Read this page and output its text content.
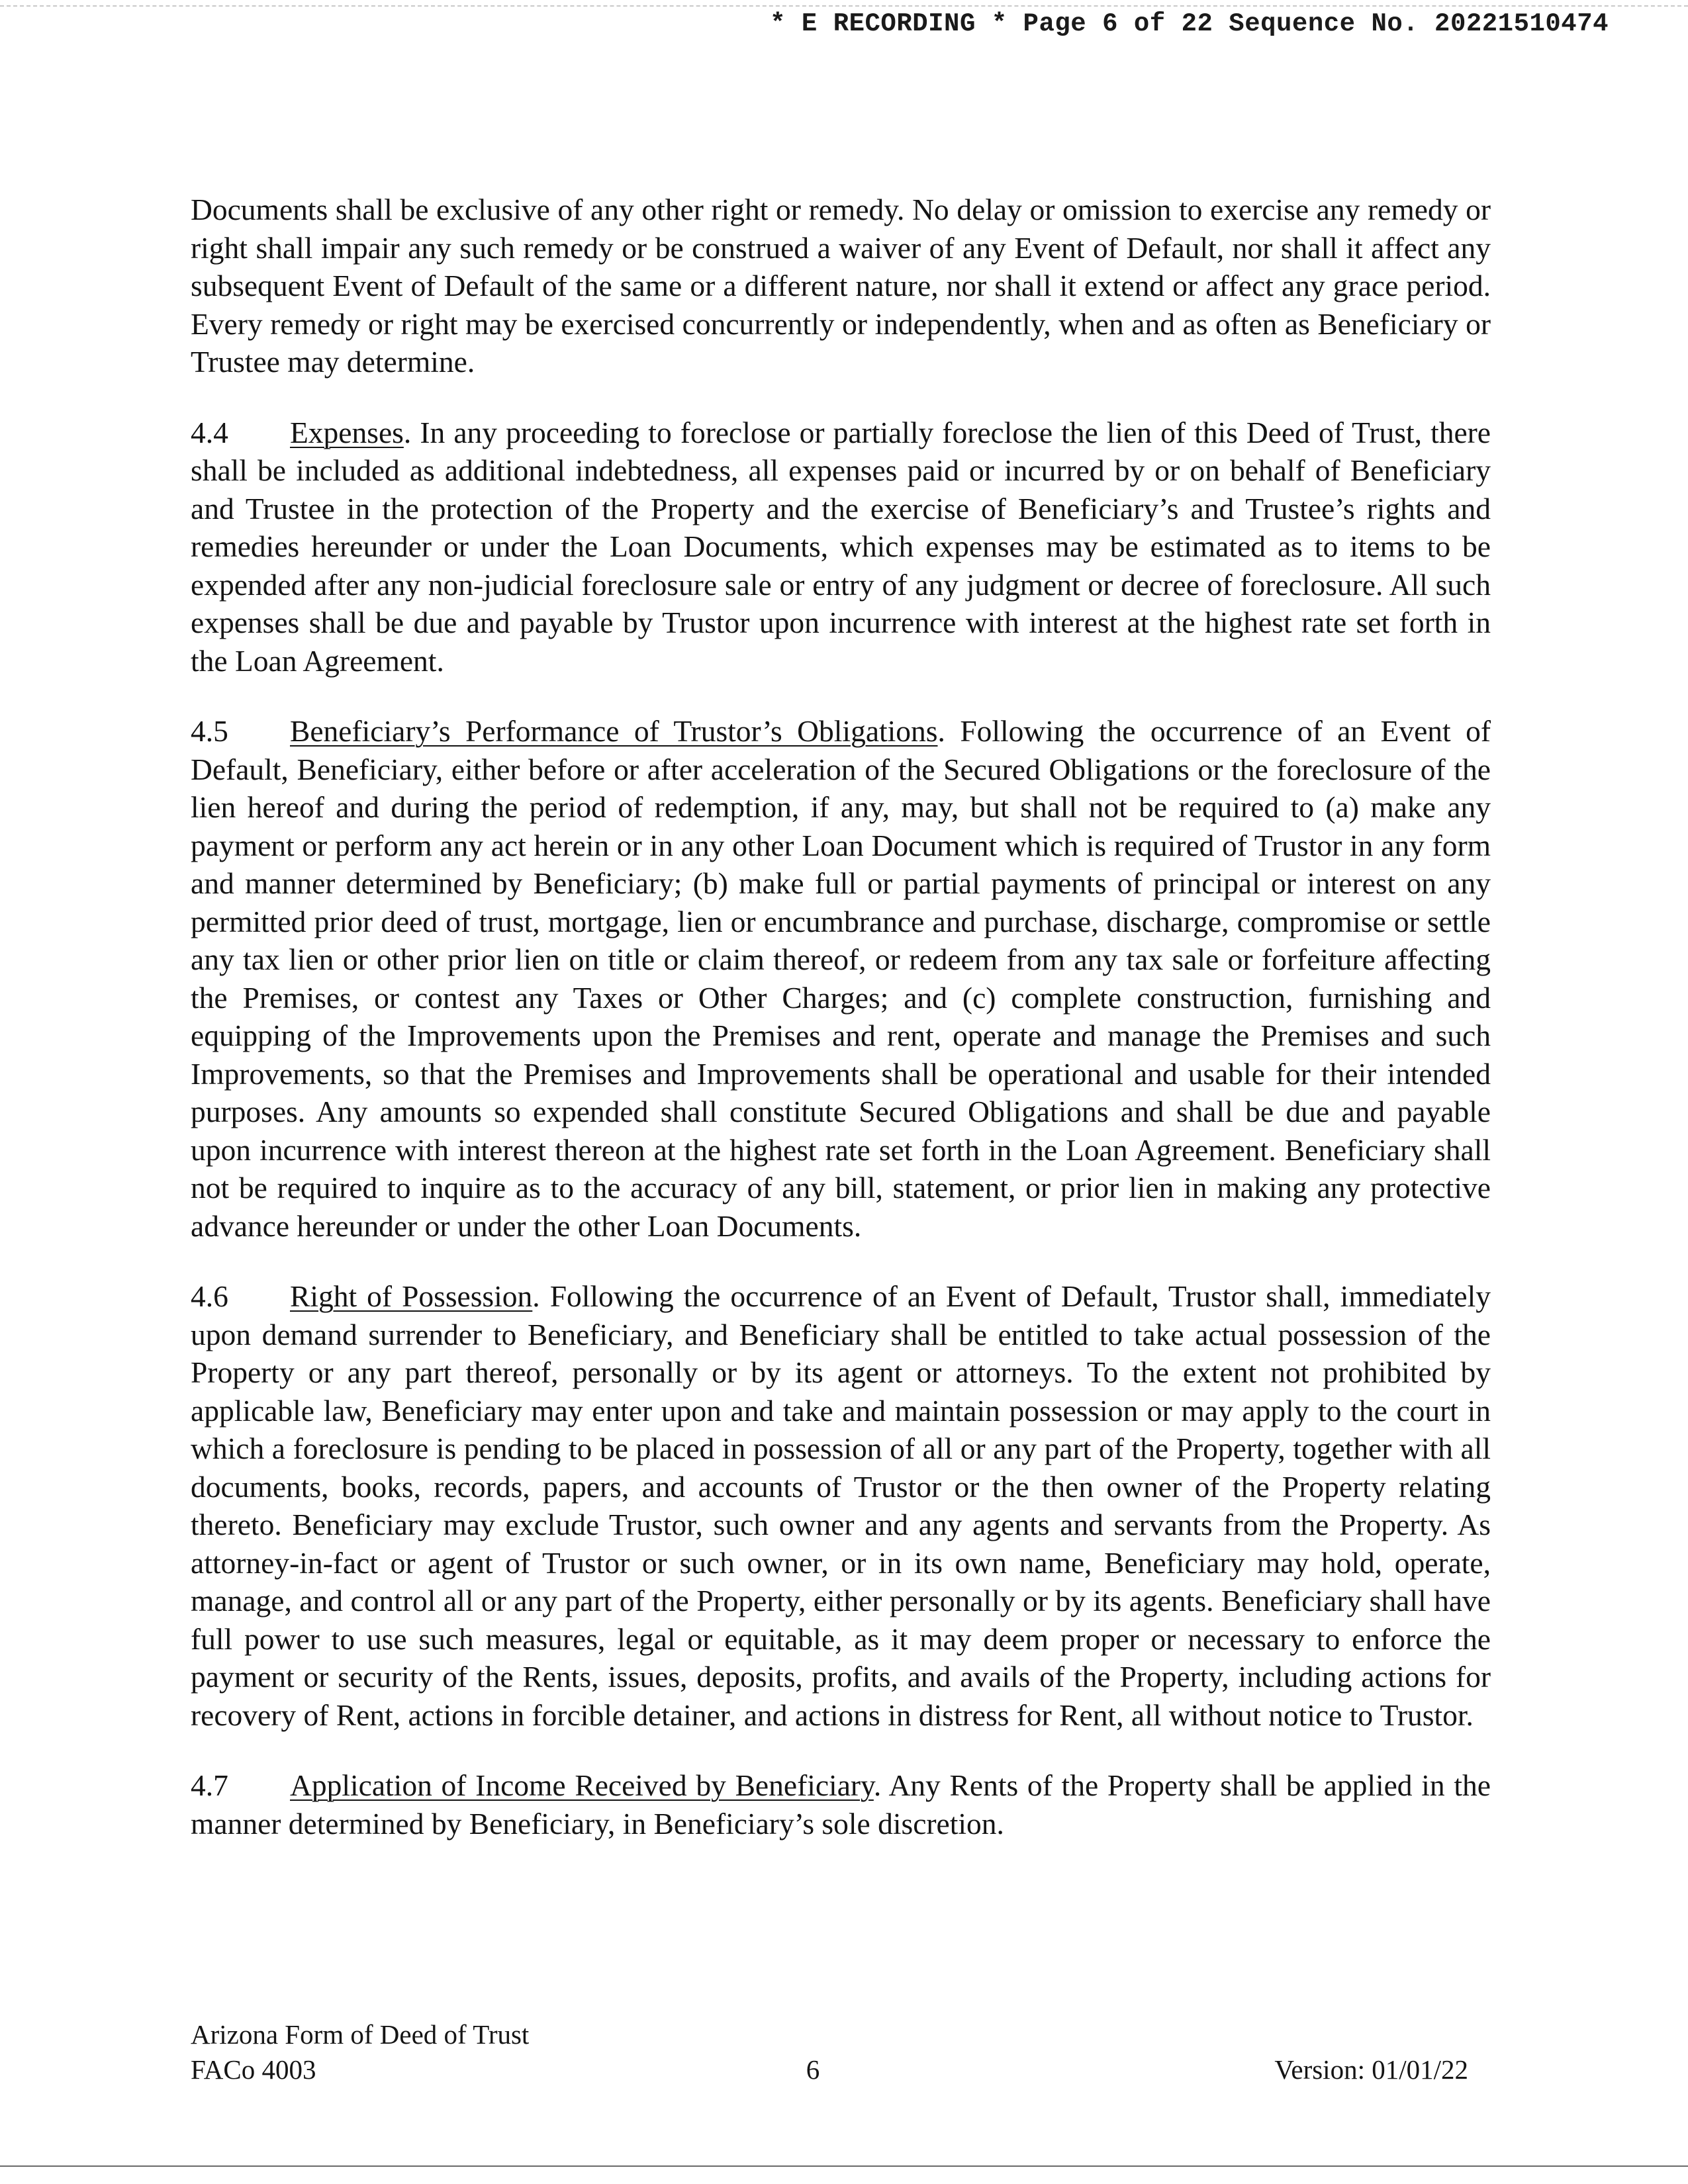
* E RECORDING * Page 6 of 22 Sequence No. 20221510474

Documents shall be exclusive of any other right or remedy. No delay or omission to exercise any remedy or right shall impair any such remedy or be construed a waiver of any Event of Default, nor shall it affect any subsequent Event of Default of the same or a different nature, nor shall it extend or affect any grace period. Every remedy or right may be exercised concurrently or independently, when and as often as Beneficiary or Trustee may determine.

4.4 Expenses. In any proceeding to foreclose or partially foreclose the lien of this Deed of Trust, there shall be included as additional indebtedness, all expenses paid or incurred by or on behalf of Beneficiary and Trustee in the protection of the Property and the exercise of Beneficiary’s and Trustee’s rights and remedies hereunder or under the Loan Documents, which expenses may be estimated as to items to be expended after any non-judicial foreclosure sale or entry of any judgment or decree of foreclosure. All such expenses shall be due and payable by Trustor upon incurrence with interest at the highest rate set forth in the Loan Agreement.

4.5 Beneficiary’s Performance of Trustor’s Obligations. Following the occurrence of an Event of Default, Beneficiary, either before or after acceleration of the Secured Obligations or the foreclosure of the lien hereof and during the period of redemption, if any, may, but shall not be required to (a) make any payment or perform any act herein or in any other Loan Document which is required of Trustor in any form and manner determined by Beneficiary; (b) make full or partial payments of principal or interest on any permitted prior deed of trust, mortgage, lien or encumbrance and purchase, discharge, compromise or settle any tax lien or other prior lien on title or claim thereof, or redeem from any tax sale or forfeiture affecting the Premises, or contest any Taxes or Other Charges; and (c) complete construction, furnishing and equipping of the Improvements upon the Premises and rent, operate and manage the Premises and such Improvements, so that the Premises and Improvements shall be operational and usable for their intended purposes. Any amounts so expended shall constitute Secured Obligations and shall be due and payable upon incurrence with interest thereon at the highest rate set forth in the Loan Agreement. Beneficiary shall not be required to inquire as to the accuracy of any bill, statement, or prior lien in making any protective advance hereunder or under the other Loan Documents.

4.6 Right of Possession. Following the occurrence of an Event of Default, Trustor shall, immediately upon demand surrender to Beneficiary, and Beneficiary shall be entitled to take actual possession of the Property or any part thereof, personally or by its agent or attorneys. To the extent not prohibited by applicable law, Beneficiary may enter upon and take and maintain possession or may apply to the court in which a foreclosure is pending to be placed in possession of all or any part of the Property, together with all documents, books, records, papers, and accounts of Trustor or the then owner of the Property relating thereto. Beneficiary may exclude Trustor, such owner and any agents and servants from the Property. As attorney-in-fact or agent of Trustor or such owner, or in its own name, Beneficiary may hold, operate, manage, and control all or any part of the Property, either personally or by its agents. Beneficiary shall have full power to use such measures, legal or equitable, as it may deem proper or necessary to enforce the payment or security of the Rents, issues, deposits, profits, and avails of the Property, including actions for recovery of Rent, actions in forcible detainer, and actions in distress for Rent, all without notice to Trustor.

4.7 Application of Income Received by Beneficiary. Any Rents of the Property shall be applied in the manner determined by Beneficiary, in Beneficiary’s sole discretion.

Arizona Form of Deed of Trust
FACo 4003	6	Version: 01/01/22
